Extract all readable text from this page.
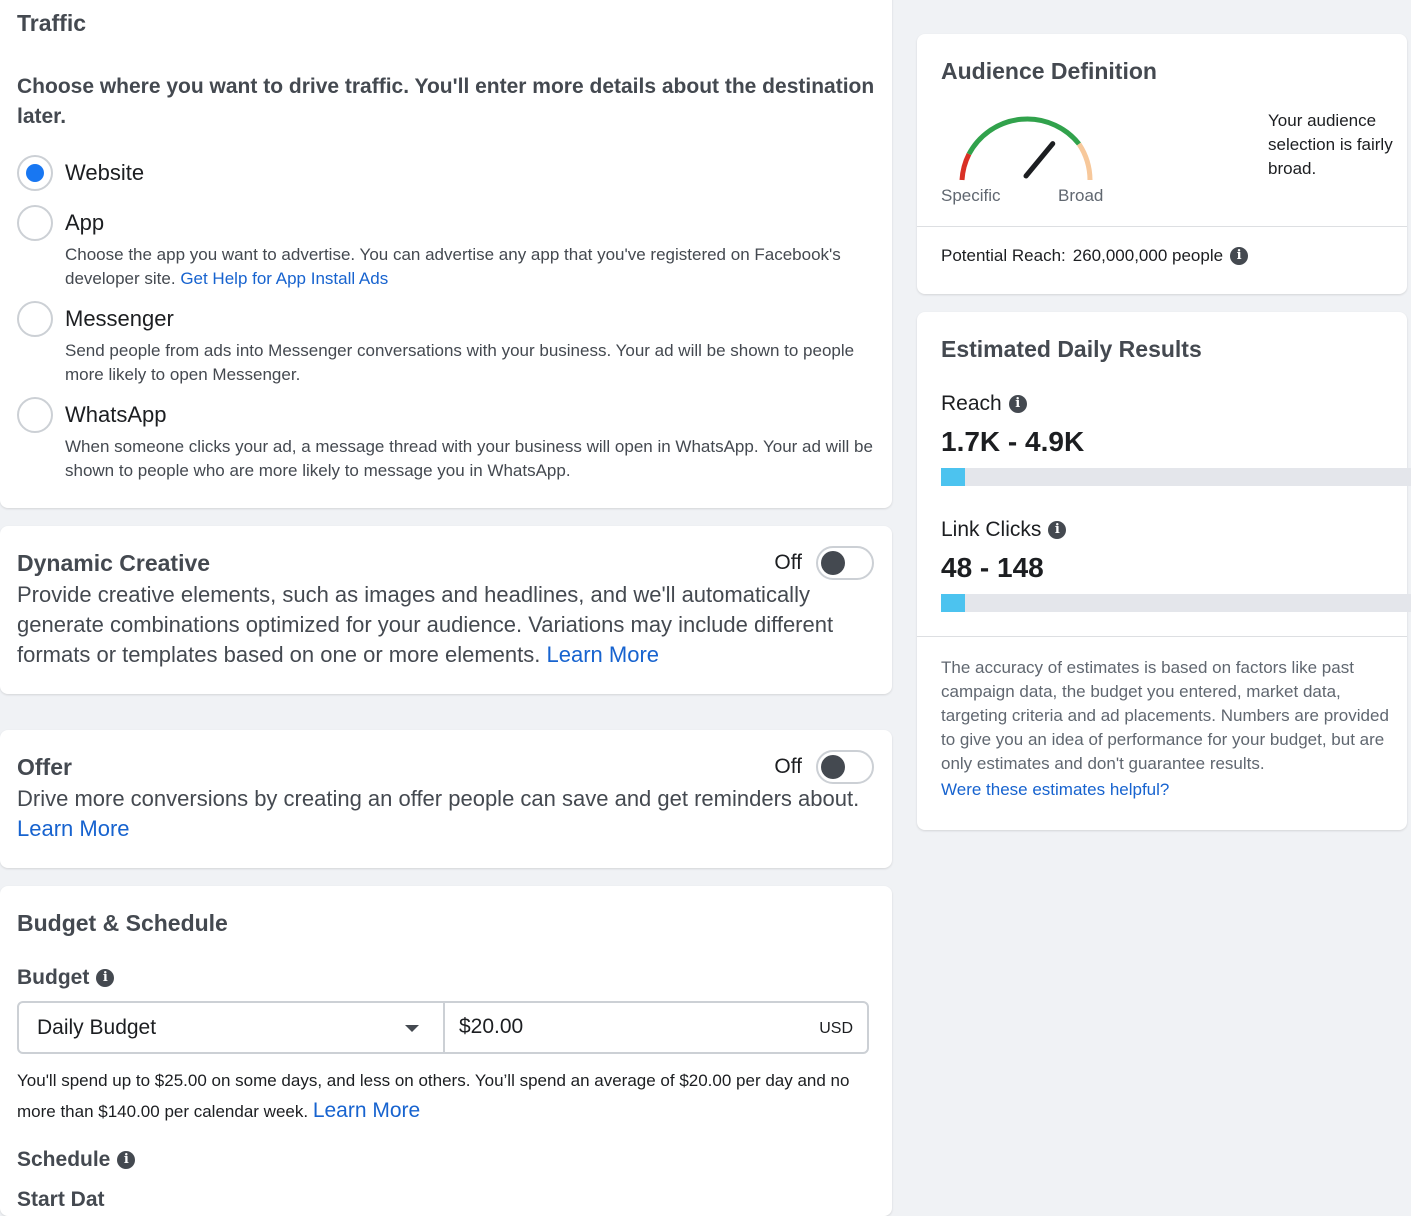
Traffic
Choose where you want to drive traffic. You'll enter more details about the destination later.
Website
App
Choose the app you want to advertise. You can advertise any app that you've registered on Facebook's developer site. Get Help for App Install Ads
Messenger
Send people from ads into Messenger conversations with your business. Your ad will be shown to people more likely to open Messenger.
WhatsApp
When someone clicks your ad, a message thread with your business will open in WhatsApp. Your ad will be shown to people who are more likely to message you in WhatsApp.
Dynamic Creative	Off
Provide creative elements, such as images and headlines, and we'll automatically generate combinations optimized for your audience. Variations may include different formats or templates based on one or more elements. Learn More
Offer	Off
Drive more conversions by creating an offer people can save and get reminders about.
Learn More
Budget & Schedule
Budget	i
Daily Budget
$20.00	USD
You'll spend up to $25.00 on some days, and less on others. You’ll spend an average of $20.00 per day and no more than $140.00 per calendar week. Learn More
Schedule	i
Start Dat
Audience Definition
Specific	Broad
Your audience
selection is fairly
broad.
Potential Reach: 260,000,000 people	i
Estimated Daily Results
Reach	i
1.7K - 4.9K
Link Clicks	i
48 - 148
The accuracy of estimates is based on factors like past
campaign data, the budget you entered, market data,
targeting criteria and ad placements. Numbers are provided
to give you an idea of performance for your budget, but are
only estimates and don't guarantee results.
Were these estimates helpful?
